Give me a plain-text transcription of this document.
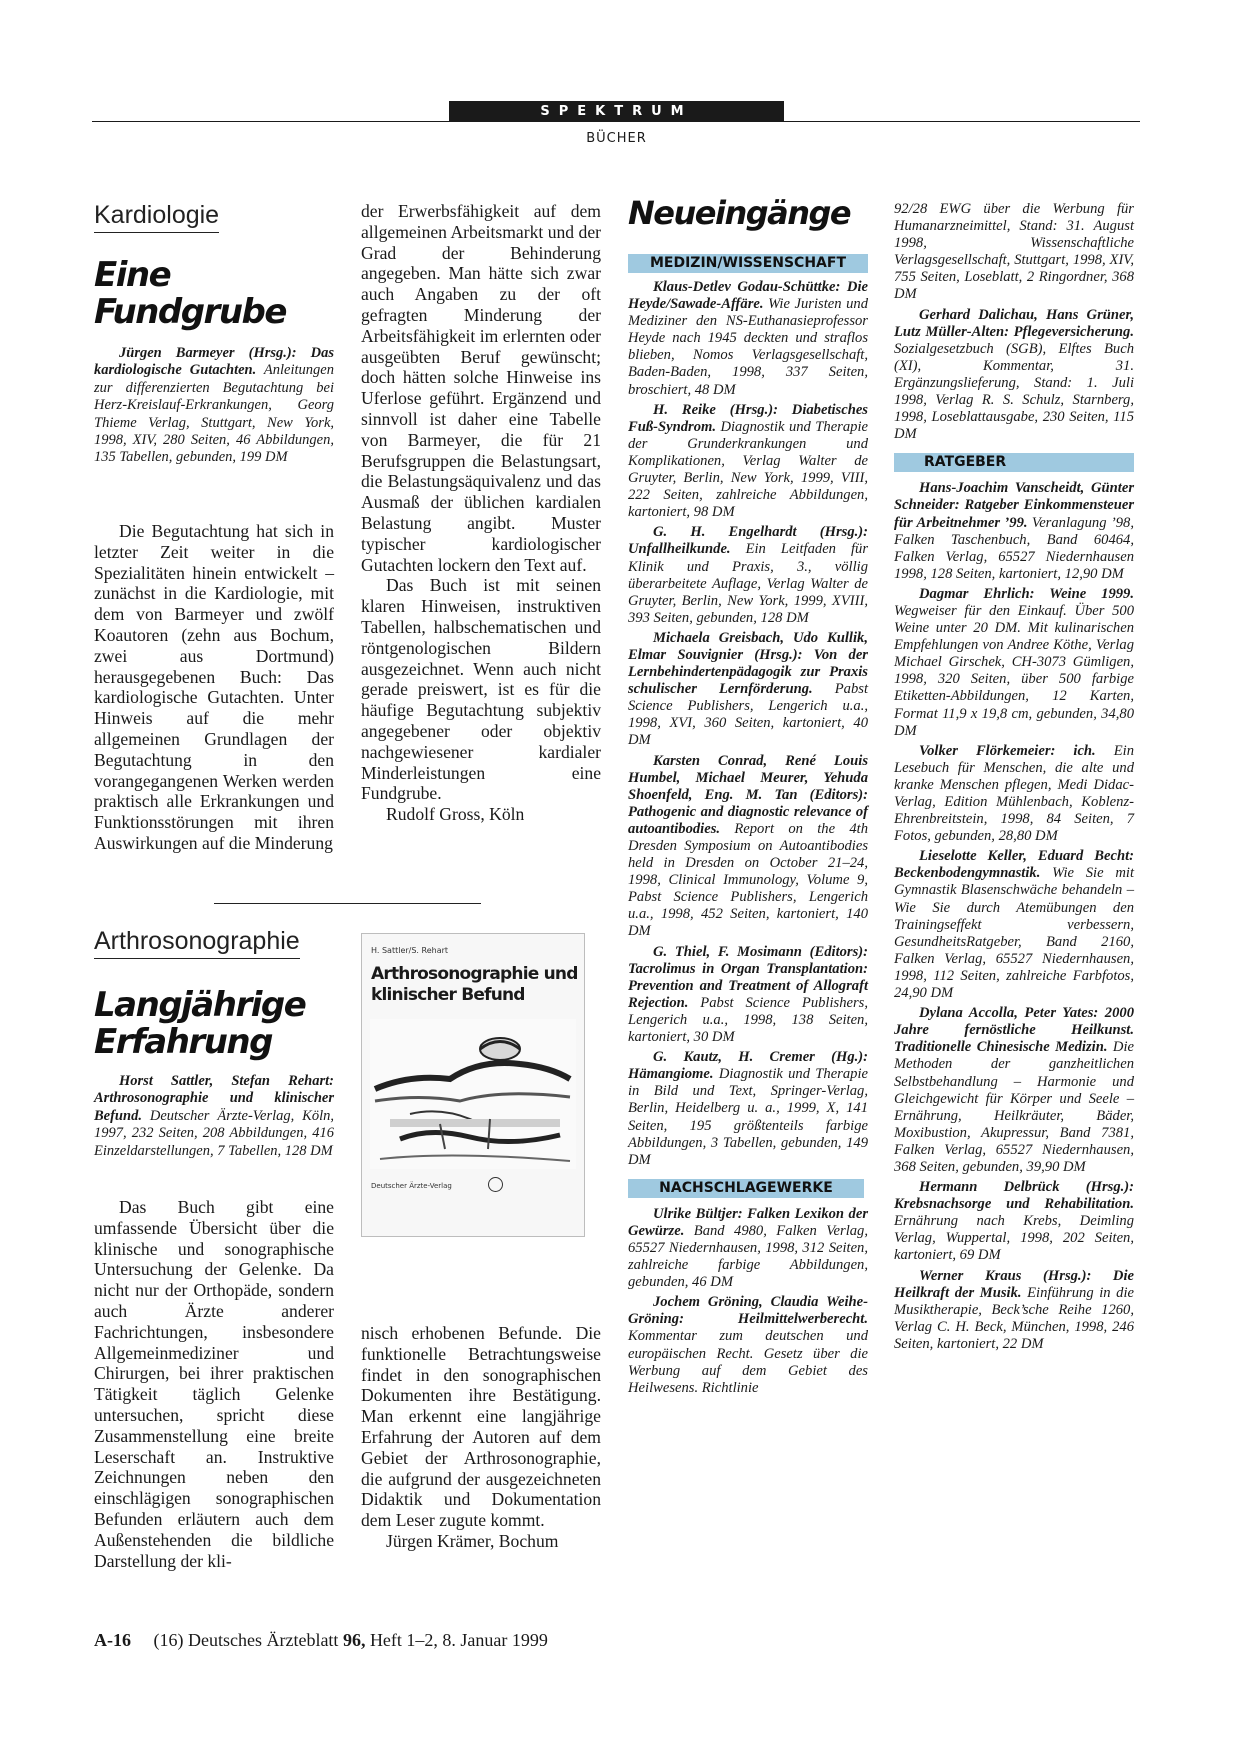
SPEKTRUM
BÜCHER
Kardiologie
Eine
Fundgrube
Jürgen Barmeyer (Hrsg.): Das kardiologische Gutachten. Anleitungen zur differenzierten Begutachtung bei Herz-Kreislauf-Erkrankungen, Georg Thieme Verlag, Stuttgart, New York, 1998, XIV, 280 Seiten, 46 Abbildungen, 135 Tabellen, gebunden, 199 DM

Die Begutachtung hat sich in letzter Zeit weiter in die Spezialitäten hinein entwickelt – zunächst in die Kardiologie, mit dem von Barmeyer und zwölf Koautoren (zehn aus Bochum, zwei aus Dortmund) herausgegebenen Buch: Das kardiologische Gutachten. Unter Hinweis auf die mehr allgemeinen Grundlagen der Begutachtung in den vorangegangenen Werken werden praktisch alle Erkrankungen und Funktionsstörungen mit ihren Auswirkungen auf die Minderung

der Erwerbsfähigkeit auf dem allgemeinen Arbeitsmarkt und der Grad der Behinderung angegeben. Man hätte sich zwar auch Angaben zu der oft gefragten Minderung der Arbeitsfähigkeit im erlernten oder ausgeübten Beruf gewünscht; doch hätten solche Hinweise ins Uferlose geführt. Ergänzend und sinnvoll ist daher eine Tabelle von Barmeyer, die für 21 Berufsgruppen die Belastungsart, die Belastungsäquivalenz und das Ausmaß der üblichen kardialen Belastung angibt. Muster typischer kardiologischer Gutachten lockern den Text auf.

Das Buch ist mit seinen klaren Hinweisen, instruktiven Tabellen, halbschematischen und röntgenologischen Bildern ausgezeichnet. Wenn auch nicht gerade preiswert, ist es für die häufige Begutachtung subjektiv angegebener oder objektiv nachgewiesener kardialer Minderleistungen eine Fundgrube.

Rudolf Gross, Köln

Arthrosonographie
Langjährige
Erfahrung
Horst Sattler, Stefan Rehart: Arthrosonographie und klinischer Befund. Deutscher Ärzte-Verlag, Köln, 1997, 232 Seiten, 208 Abbildungen, 416 Einzeldarstellungen, 7 Tabellen, 128 DM

Das Buch gibt eine umfassende Übersicht über die klinische und sonographische Untersuchung der Gelenke. Da nicht nur der Orthopäde, sondern auch Ärzte anderer Fachrichtungen, insbesondere Allgemeinmediziner und Chirurgen, bei ihrer praktischen Tätigkeit täglich Gelenke untersuchen, spricht diese Zusammenstellung eine breite Leserschaft an. Instruktive Zeichnungen neben den einschlägigen sonographischen Befunden erläutern auch dem Außenstehenden die bildliche Darstellung der kli-

H. Sattler/S. Rehart
Arthrosonographie und klinischer Befund
Deutscher Ärzte-Verlag

nisch erhobenen Befunde. Die funktionelle Betrachtungsweise findet in den sonographischen Dokumenten ihre Bestätigung. Man erkennt eine langjährige Erfahrung der Autoren auf dem Gebiet der Arthrosonographie, die aufgrund der ausgezeichneten Didaktik und Dokumentation dem Leser zugute kommt.

Jürgen Krämer, Bochum

Neueingänge
MEDIZIN/WISSENSCHAFT
Klaus-Detlev Godau-Schüttke: Die Heyde/Sawade-Affäre. Wie Juristen und Mediziner den NS-Euthanasieprofessor Heyde nach 1945 deckten und straflos blieben, Nomos Verlagsgesellschaft, Baden-Baden, 1998, 337 Seiten, broschiert, 48 DM
H. Reike (Hrsg.): Diabetisches Fuß-Syndrom. Diagnostik und Therapie der Grunderkrankungen und Komplikationen, Verlag Walter de Gruyter, Berlin, New York, 1999, VIII, 222 Seiten, zahlreiche Abbildungen, kartoniert, 98 DM
G. H. Engelhardt (Hrsg.): Unfallheilkunde. Ein Leitfaden für Klinik und Praxis, 3., völlig überarbeitete Auflage, Verlag Walter de Gruyter, Berlin, New York, 1999, XVIII, 393 Seiten, gebunden, 128 DM
Michaela Greisbach, Udo Kullik, Elmar Souvignier (Hrsg.): Von der Lernbehindertenpädagogik zur Praxis schulischer Lernförderung. Pabst Science Publishers, Lengerich u.a., 1998, XVI, 360 Seiten, kartoniert, 40 DM
Karsten Conrad, René Louis Humbel, Michael Meurer, Yehuda Shoenfeld, Eng. M. Tan (Editors): Pathogenic and diagnostic relevance of autoantibodies. Report on the 4th Dresden Symposium on Autoantibodies held in Dresden on October 21–24, 1998, Clinical Immunology, Volume 9, Pabst Science Publishers, Lengerich u.a., 1998, 452 Seiten, kartoniert, 140 DM
G. Thiel, F. Mosimann (Editors): Tacrolimus in Organ Transplantation: Prevention and Treatment of Allograft Rejection. Pabst Science Publishers, Lengerich u.a., 1998, 138 Seiten, kartoniert, 30 DM
G. Kautz, H. Cremer (Hg.): Hämangiome. Diagnostik und Therapie in Bild und Text, Springer-Verlag, Berlin, Heidelberg u. a., 1999, X, 141 Seiten, 195 größtenteils farbige Abbildungen, 3 Tabellen, gebunden, 149 DM
NACHSCHLAGEWERKE
Ulrike Bültjer: Falken Lexikon der Gewürze. Band 4980, Falken Verlag, 65527 Niedernhausen, 1998, 312 Seiten, zahlreiche farbige Abbildungen, gebunden, 46 DM
Jochem Gröning, Claudia Weihe-Gröning: Heilmittelwerberecht. Kommentar zum deutschen und europäischen Recht. Gesetz über die Werbung auf dem Gebiet des Heilwesens. Richtlinie
92/28 EWG über die Werbung für Humanarzneimittel, Stand: 31. August 1998, Wissenschaftliche Verlagsgesellschaft, Stuttgart, 1998, XIV, 755 Seiten, Loseblatt, 2 Ringordner, 368 DM
Gerhard Dalichau, Hans Grüner, Lutz Müller-Alten: Pflegeversicherung. Sozialgesetzbuch (SGB), Elftes Buch (XI), Kommentar, 31. Ergänzungslieferung, Stand: 1. Juli 1998, Verlag R. S. Schulz, Starnberg, 1998, Loseblattausgabe, 230 Seiten, 115 DM
RATGEBER
Hans-Joachim Vanscheidt, Günter Schneider: Ratgeber Einkommensteuer für Arbeitnehmer ’99. Veranlagung ’98, Falken Taschenbuch, Band 60464, Falken Verlag, 65527 Niedernhausen 1998, 128 Seiten, kartoniert, 12,90 DM
Dagmar Ehrlich: Weine 1999. Wegweiser für den Einkauf. Über 500 Weine unter 20 DM. Mit kulinarischen Empfehlungen von Andree Köthe, Verlag Michael Girschek, CH-3073 Gümligen, 1998, 320 Seiten, über 500 farbige Etiketten-Abbildungen, 12 Karten, Format 11,9 x 19,8 cm, gebunden, 34,80 DM
Volker Flörkemeier: ich. Ein Lesebuch für Menschen, die alte und kranke Menschen pflegen, Medi Didac-Verlag, Edition Mühlenbach, Koblenz-Ehrenbreitstein, 1998, 84 Seiten, 7 Fotos, gebunden, 28,80 DM
Lieselotte Keller, Eduard Becht: Beckenbodengymnastik. Wie Sie mit Gymnastik Blasenschwäche behandeln – Wie Sie durch Atemübungen den Trainingseffekt verbessern, GesundheitsRatgeber, Band 2160, Falken Verlag, 65527 Niedernhausen, 1998, 112 Seiten, zahlreiche Farbfotos, 24,90 DM
Dylana Accolla, Peter Yates: 2000 Jahre fernöstliche Heilkunst. Traditionelle Chinesische Medizin. Die Methoden der ganzheitlichen Selbstbehandlung – Harmonie und Gleichgewicht für Körper und Seele – Ernährung, Heilkräuter, Bäder, Moxibustion, Akupressur, Band 7381, Falken Verlag, 65527 Niedernhausen, 368 Seiten, gebunden, 39,90 DM
Hermann Delbrück (Hrsg.): Krebsnachsorge und Rehabilitation. Ernährung nach Krebs, Deimling Verlag, Wuppertal, 1998, 202 Seiten, kartoniert, 69 DM
Werner Kraus (Hrsg.): Die Heilkraft der Musik. Einführung in die Musiktherapie, Beck’sche Reihe 1260, Verlag C. H. Beck, München, 1998, 246 Seiten, kartoniert, 22 DM
A-16 (16) Deutsches Ärzteblatt 96, Heft 1–2, 8. Januar 1999
